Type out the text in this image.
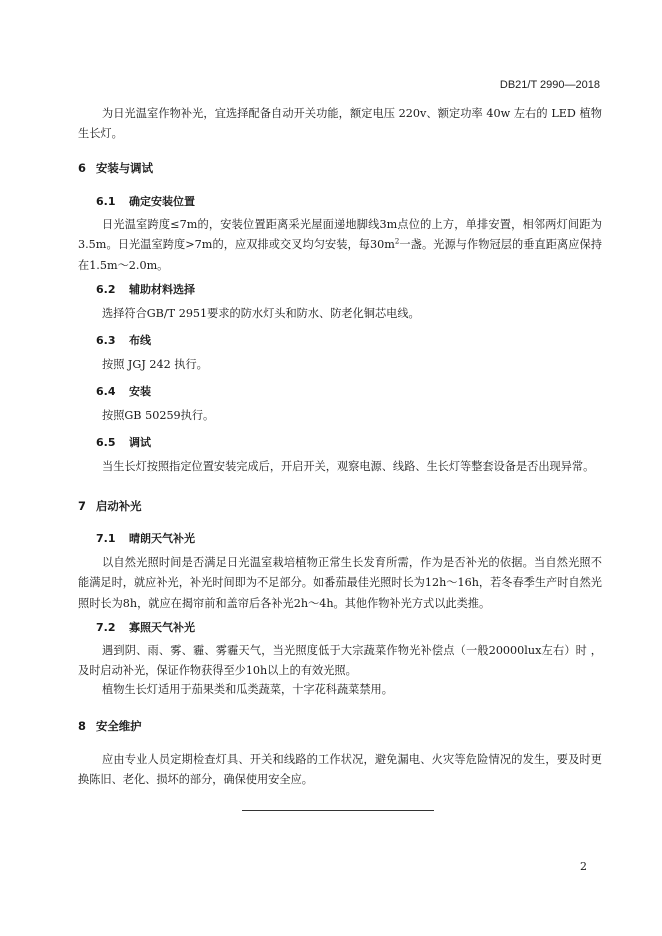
DB21/T 2990—2018
为日光温室作物补光，宜选择配备自动开关功能，额定电压 220v、额定功率 40w 左右的 LED 植物生长灯。
6 安装与调试
6.1 确定安装位置
日光温室跨度≤7m的，安装位置距离采光屋面递地脚线3m点位的上方，单排安置，相邻两灯间距为3.5m。日光温室跨度>7m的，应双排或交叉均匀安装，每$30m^2$一盏。光源与作物冠层的垂直距离应保持在1.5m～2.0m。
6.2 辅助材料选择
选择符合GB/T 2951要求的防水灯头和防水、防老化铜芯电线。
6.3 布线
按照 JGJ 242 执行。
6.4 安装
按照GB 50259执行。
6.5 调试
当生长灯按照指定位置安装完成后，开启开关，观察电源、线路、生长灯等整套设备是否出现异常。
7 启动补光
7.1 晴朗天气补光
以自然光照时间是否满足日光温室栽培植物正常生长发育所需，作为是否补光的依据。当自然光照不能满足时，就应补光，补光时间即为不足部分。如番茄最佳光照时长为12h～16h，若冬春季生产时自然光照时长为8h，就应在揭帘前和盖帘后各补光2h～4h。其他作物补光方式以此类推。
7.2 寡照天气补光
遇到阴、雨、雾、霾、雾霾天气，当光照度低于大宗蔬菜作物光补偿点（一般20000lux左右）时 ，及时启动补光，保证作物获得至少10h以上的有效光照。
植物生长灯适用于茄果类和瓜类蔬菜，十字花科蔬菜禁用。
8 安全维护
应由专业人员定期检查灯具、开关和线路的工作状况，避免漏电、火灾等危险情况的发生，要及时更换陈旧、老化、损坏的部分，确保使用安全应。
2
